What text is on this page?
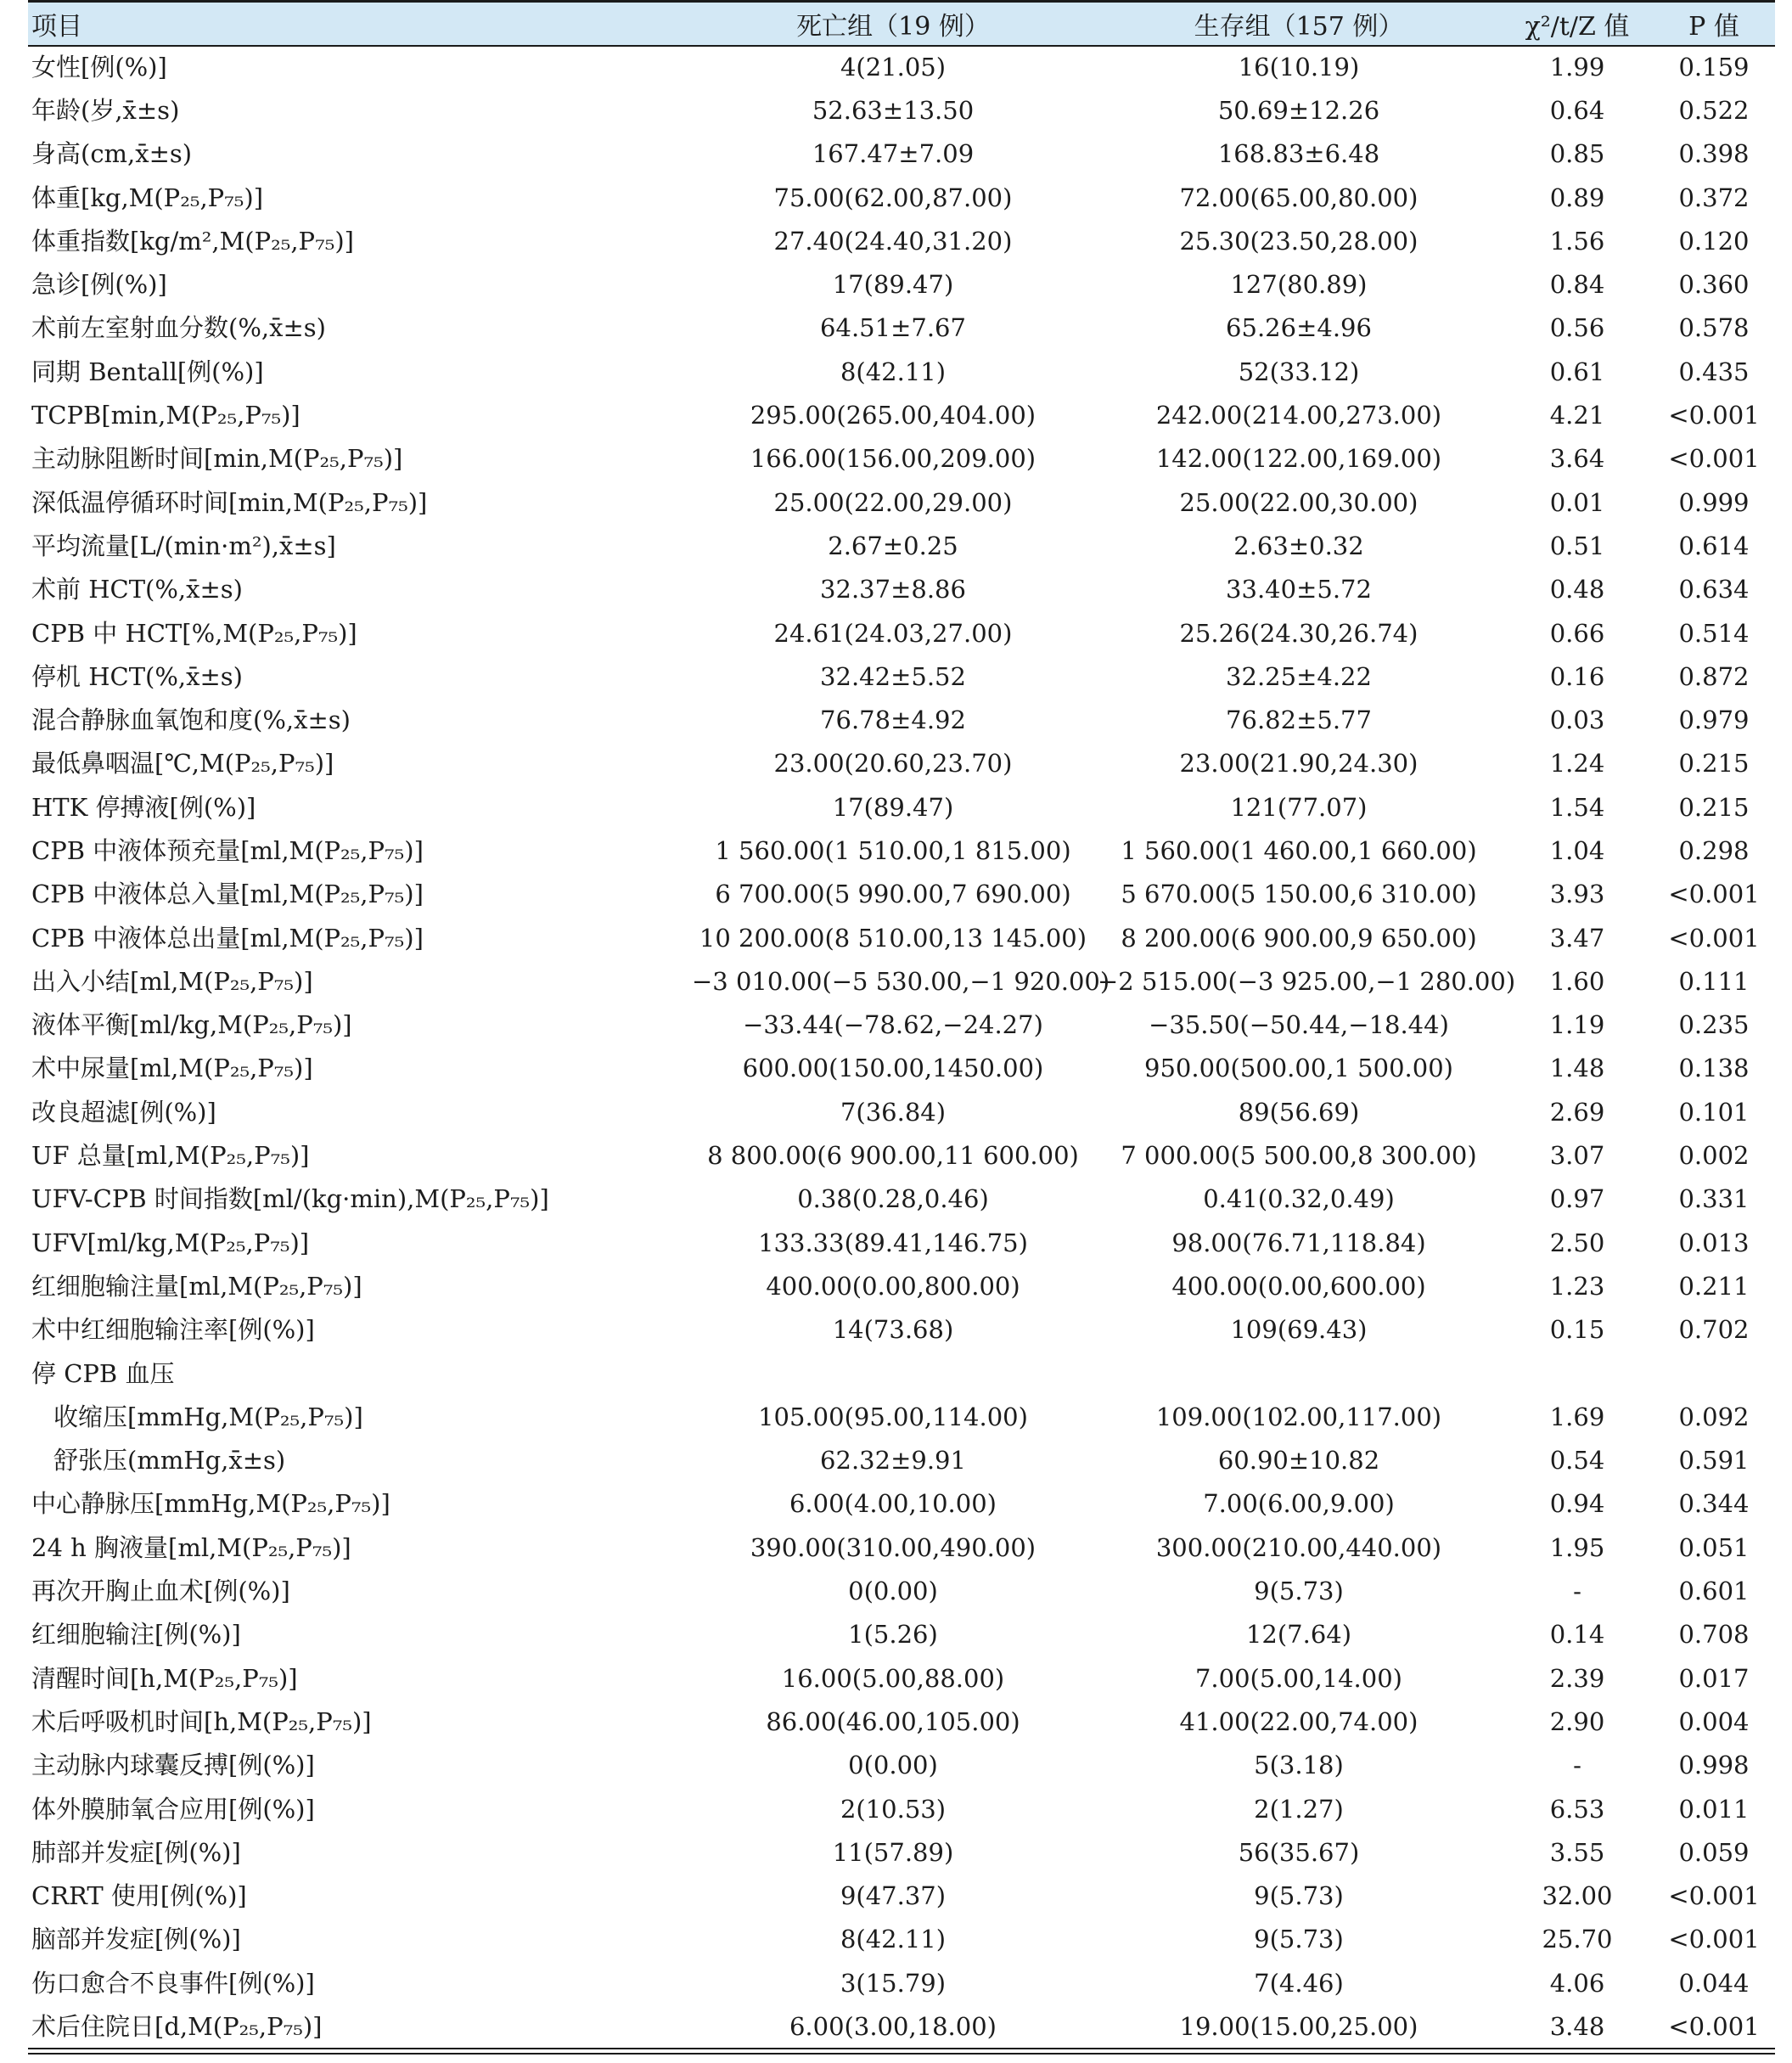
项目	死亡组（19 例）	生存组（157 例）	χ²/t/Z 值	P 值
女性[例(%)]	4(21.05)	16(10.19)	1.99	0.159
年龄(岁,x̄±s)	52.63±13.50	50.69±12.26	0.64	0.522
身高(cm,x̄±s)	167.47±7.09	168.83±6.48	0.85	0.398
体重[kg,M(P₂₅,P₇₅)]	75.00(62.00,87.00)	72.00(65.00,80.00)	0.89	0.372
体重指数[kg/m²,M(P₂₅,P₇₅)]	27.40(24.40,31.20)	25.30(23.50,28.00)	1.56	0.120
急诊[例(%)]	17(89.47)	127(80.89)	0.84	0.360
术前左室射血分数(%,x̄±s)	64.51±7.67	65.26±4.96	0.56	0.578
同期 Bentall[例(%)]	8(42.11)	52(33.12)	0.61	0.435
TCPB[min,M(P₂₅,P₇₅)]	295.00(265.00,404.00)	242.00(214.00,273.00)	4.21	<0.001
主动脉阻断时间[min,M(P₂₅,P₇₅)]	166.00(156.00,209.00)	142.00(122.00,169.00)	3.64	<0.001
深低温停循环时间[min,M(P₂₅,P₇₅)]	25.00(22.00,29.00)	25.00(22.00,30.00)	0.01	0.999
平均流量[L/(min·m²),x̄±s]	2.67±0.25	2.63±0.32	0.51	0.614
术前 HCT(%,x̄±s)	32.37±8.86	33.40±5.72	0.48	0.634
CPB 中 HCT[%,M(P₂₅,P₇₅)]	24.61(24.03,27.00)	25.26(24.30,26.74)	0.66	0.514
停机 HCT(%,x̄±s)	32.42±5.52	32.25±4.22	0.16	0.872
混合静脉血氧饱和度(%,x̄±s)	76.78±4.92	76.82±5.77	0.03	0.979
最低鼻咽温[℃,M(P₂₅,P₇₅)]	23.00(20.60,23.70)	23.00(21.90,24.30)	1.24	0.215
HTK 停搏液[例(%)]	17(89.47)	121(77.07)	1.54	0.215
CPB 中液体预充量[ml,M(P₂₅,P₇₅)]	1 560.00(1 510.00,1 815.00)	1 560.00(1 460.00,1 660.00)	1.04	0.298
CPB 中液体总入量[ml,M(P₂₅,P₇₅)]	6 700.00(5 990.00,7 690.00)	5 670.00(5 150.00,6 310.00)	3.93	<0.001
CPB 中液体总出量[ml,M(P₂₅,P₇₅)]	10 200.00(8 510.00,13 145.00)	8 200.00(6 900.00,9 650.00)	3.47	<0.001
出入小结[ml,M(P₂₅,P₇₅)]	−3 010.00(−5 530.00,−1 920.00)	−2 515.00(−3 925.00,−1 280.00)	1.60	0.111
液体平衡[ml/kg,M(P₂₅,P₇₅)]	−33.44(−78.62,−24.27)	−35.50(−50.44,−18.44)	1.19	0.235
术中尿量[ml,M(P₂₅,P₇₅)]	600.00(150.00,1450.00)	950.00(500.00,1 500.00)	1.48	0.138
改良超滤[例(%)]	7(36.84)	89(56.69)	2.69	0.101
UF 总量[ml,M(P₂₅,P₇₅)]	8 800.00(6 900.00,11 600.00)	7 000.00(5 500.00,8 300.00)	3.07	0.002
UFV-CPB 时间指数[ml/(kg·min),M(P₂₅,P₇₅)]	0.38(0.28,0.46)	0.41(0.32,0.49)	0.97	0.331
UFV[ml/kg,M(P₂₅,P₇₅)]	133.33(89.41,146.75)	98.00(76.71,118.84)	2.50	0.013
红细胞输注量[ml,M(P₂₅,P₇₅)]	400.00(0.00,800.00)	400.00(0.00,600.00)	1.23	0.211
术中红细胞输注率[例(%)]	14(73.68)	109(69.43)	0.15	0.702
停 CPB 血压				
收缩压[mmHg,M(P₂₅,P₇₅)]	105.00(95.00,114.00)	109.00(102.00,117.00)	1.69	0.092
舒张压(mmHg,x̄±s)	62.32±9.91	60.90±10.82	0.54	0.591
中心静脉压[mmHg,M(P₂₅,P₇₅)]	6.00(4.00,10.00)	7.00(6.00,9.00)	0.94	0.344
24 h 胸液量[ml,M(P₂₅,P₇₅)]	390.00(310.00,490.00)	300.00(210.00,440.00)	1.95	0.051
再次开胸止血术[例(%)]	0(0.00)	9(5.73)	-	0.601
红细胞输注[例(%)]	1(5.26)	12(7.64)	0.14	0.708
清醒时间[h,M(P₂₅,P₇₅)]	16.00(5.00,88.00)	7.00(5.00,14.00)	2.39	0.017
术后呼吸机时间[h,M(P₂₅,P₇₅)]	86.00(46.00,105.00)	41.00(22.00,74.00)	2.90	0.004
主动脉内球囊反搏[例(%)]	0(0.00)	5(3.18)	-	0.998
体外膜肺氧合应用[例(%)]	2(10.53)	2(1.27)	6.53	0.011
肺部并发症[例(%)]	11(57.89)	56(35.67)	3.55	0.059
CRRT 使用[例(%)]	9(47.37)	9(5.73)	32.00	<0.001
脑部并发症[例(%)]	8(42.11)	9(5.73)	25.70	<0.001
伤口愈合不良事件[例(%)]	3(15.79)	7(4.46)	4.06	0.044
术后住院日[d,M(P₂₅,P₇₅)]	6.00(3.00,18.00)	19.00(15.00,25.00)	3.48	<0.001
